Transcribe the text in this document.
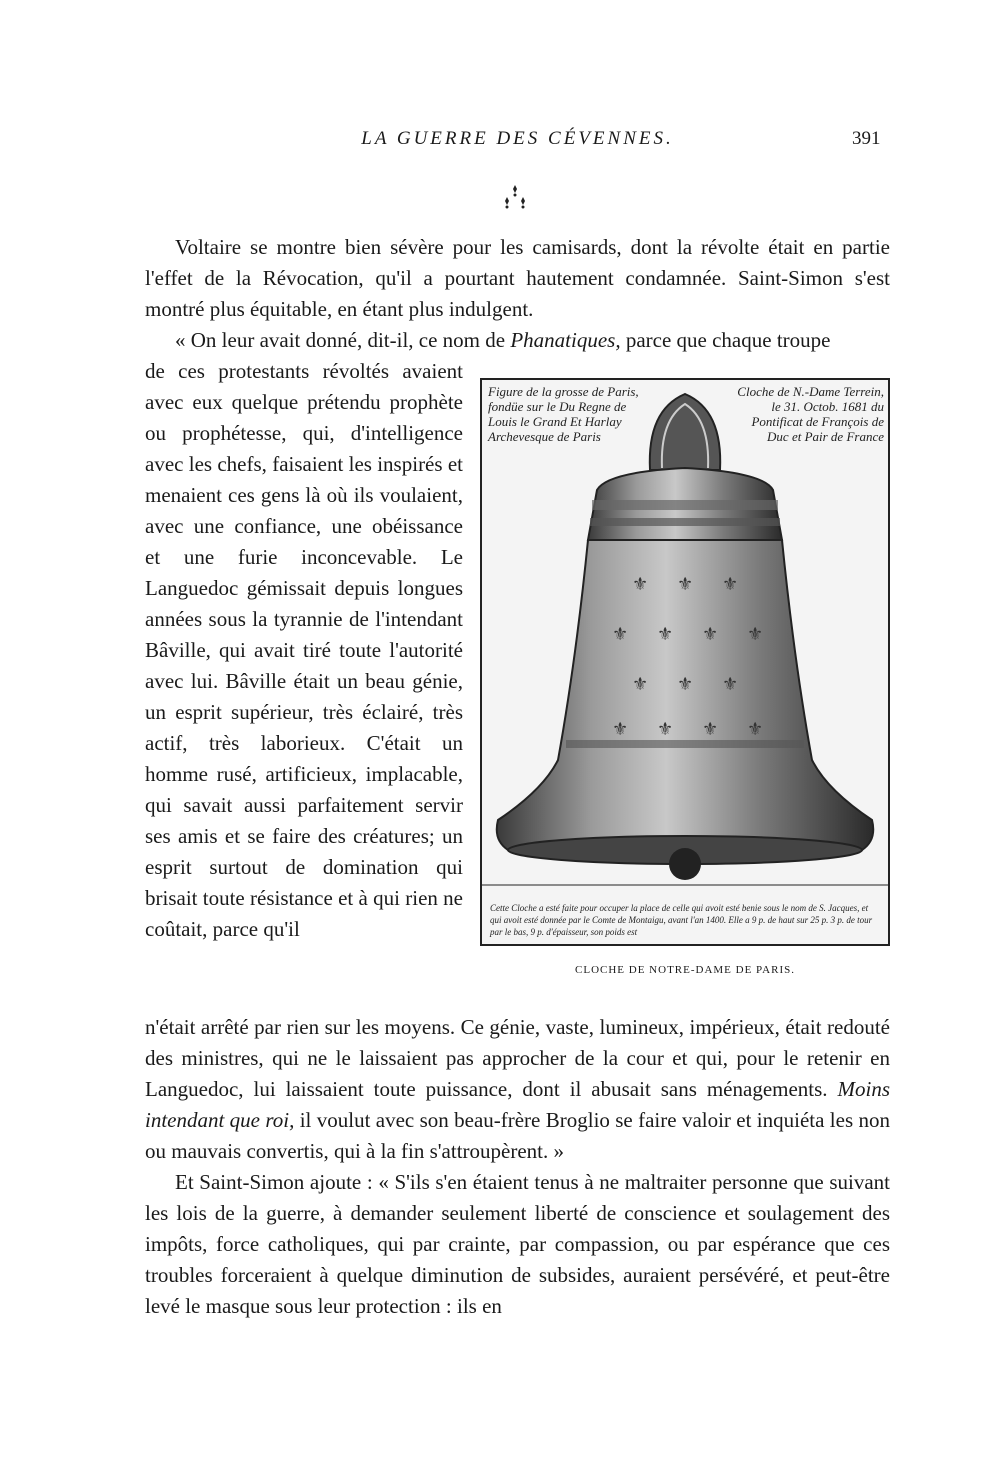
LA GUERRE DES CÉVENNES.	391

Voltaire se montre bien sévère pour les camisards, dont la révolte était en partie l'effet de la Révocation, qu'il a pourtant hautement condamnée. Saint-Simon s'est montré plus équitable, en étant plus indulgent.

« On leur avait donné, dit-il, ce nom de Phanatiques, parce que chaque troupe

de ces protestants révoltés avaient avec eux quelque prétendu prophète ou prophétesse, qui, d'intelligence avec les chefs, faisaient les inspirés et menaient ces gens là où ils voulaient, avec une confiance, une obéissance et une furie inconcevable. Le Languedoc gémissait depuis longues années sous la tyrannie de l'intendant Bâville, qui avait tiré toute l'autorité avec lui. Bâville était un beau génie, un esprit supérieur, très éclairé, très actif, très laborieux. C'était un homme rusé, artificieux, implacable, qui savait aussi parfaitement servir ses amis et se faire des créatures; un esprit surtout de domination qui brisait toute résistance et à qui rien ne coûtait, parce qu'il
Figure de la grosse de Paris, fondüe sur le Du Regne de Louis le Grand Et Harlay Archevesque de Paris
Cloche de N.-Dame Terrein, le 31. Octob. 1681 du Pontificat de François de Duc et Pair de France
⚜ ⚜ ⚜
⚜ ⚜ ⚜ ⚜
⚜ ⚜ ⚜
⚜ ⚜ ⚜ ⚜
Cette Cloche a esté faite pour occuper la place de celle qui avoit esté benie sous le nom de S. Jacques, et qui avoit esté donnée par le Comte de Montaigu, avant l'an 1400. Elle a 9 p. de haut sur 25 p. 3 p. de tour par le bas, 9 p. d'épaisseur, son poids est
CLOCHE DE NOTRE-DAME DE PARIS.

n'était arrêté par rien sur les moyens. Ce génie, vaste, lumineux, impérieux, était redouté des ministres, qui ne le laissaient pas approcher de la cour et qui, pour le retenir en Languedoc, lui laissaient toute puissance, dont il abusait sans ménagements. Moins intendant que roi, il voulut avec son beau-frère Broglio se faire valoir et inquiéta les non ou mauvais convertis, qui à la fin s'attroupèrent. »

Et Saint-Simon ajoute : « S'ils s'en étaient tenus à ne maltraiter personne que suivant les lois de la guerre, à demander seulement liberté de conscience et soulagement des impôts, force catholiques, qui par crainte, par compassion, ou par espérance que ces troubles forceraient à quelque diminution de subsides, auraient persévéré, et peut-être levé le masque sous leur protection : ils en
